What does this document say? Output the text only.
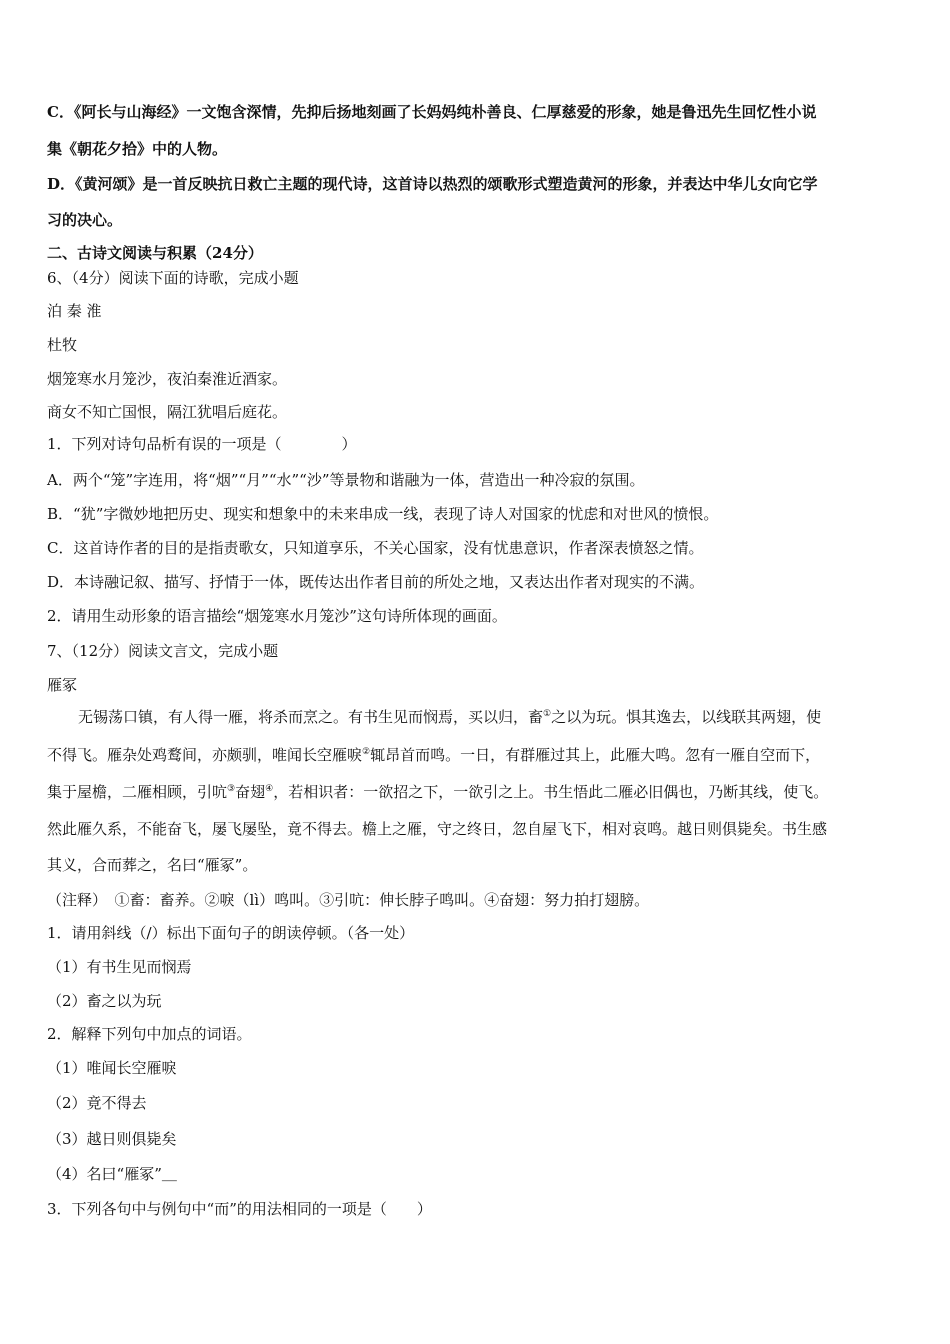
C．《阿长与山海经》一文饱含深情，先抑后扬地刻画了长妈妈纯朴善良、仁厚慈爱的形象，她是鲁迅先生回忆性小说
集《朝花夕拾》中的人物。
D．《黄河颂》是一首反映抗日救亡主题的现代诗，这首诗以热烈的颂歌形式塑造黄河的形象，并表达中华儿女向它学
习的决心。
二、古诗文阅读与积累（24分）
6、（4分）阅读下面的诗歌，完成小题
泊 秦 淮
杜牧
烟笼寒水月笼沙，夜泊秦淮近酒家。
商女不知亡国恨，隔江犹唱后庭花。
1．下列对诗句品析有误的一项是（　　　　）
A．两个“笼”字连用，将“烟”“月”“水”“沙”等景物和谐融为一体，营造出一种冷寂的氛围。
B．“犹”字微妙地把历史、现实和想象中的未来串成一线，表现了诗人对国家的忧虑和对世风的愤恨。
C．这首诗作者的目的是指责歌女，只知道享乐，不关心国家，没有忧患意识，作者深表愤怒之情。
D．本诗融记叙、描写、抒情于一体，既传达出作者目前的所处之地，又表达出作者对现实的不满。
2．请用生动形象的语言描绘“烟笼寒水月笼沙”这句诗所体现的画面。
7、（12分）阅读文言文，完成小题
雁冢
无锡荡口镇，有人得一雁，将杀而烹之。有书生见而悯焉，买以归，畜①之以为玩。惧其逸去，以线联其两翅，使
不得飞。雁杂处鸡鹜间，亦颇驯，唯闻长空雁唳②辄昂首而鸣。一日，有群雁过其上，此雁大鸣。忽有一雁自空而下，
集于屋檐，二雁相顾，引吭③奋翅④，若相识者：一欲招之下，一欲引之上。书生悟此二雁必旧偶也，乃断其线，使飞。
然此雁久系，不能奋飞，屡飞屡坠，竟不得去。檐上之雁，守之终日，忽自屋飞下，相对哀鸣。越日则俱毙矣。书生感
其义，合而葬之，名曰“雁冢”。
（注释）　①畜：畜养。②唳（lì）鸣叫。③引吭：伸长脖子鸣叫。④奋翅：努力拍打翅膀。
1．请用斜线（/）标出下面句子的朗读停顿。（各一处）
（1）有书生见而悯焉
（2）畜之以为玩
2．解释下列句中加点的词语。
（1）唯闻长空雁唳
（2）竟不得去
（3）越日则俱毙矣
（4）名曰“雁冢”＿
3．下列各句中与例句中“而”的用法相同的一项是（　　）
